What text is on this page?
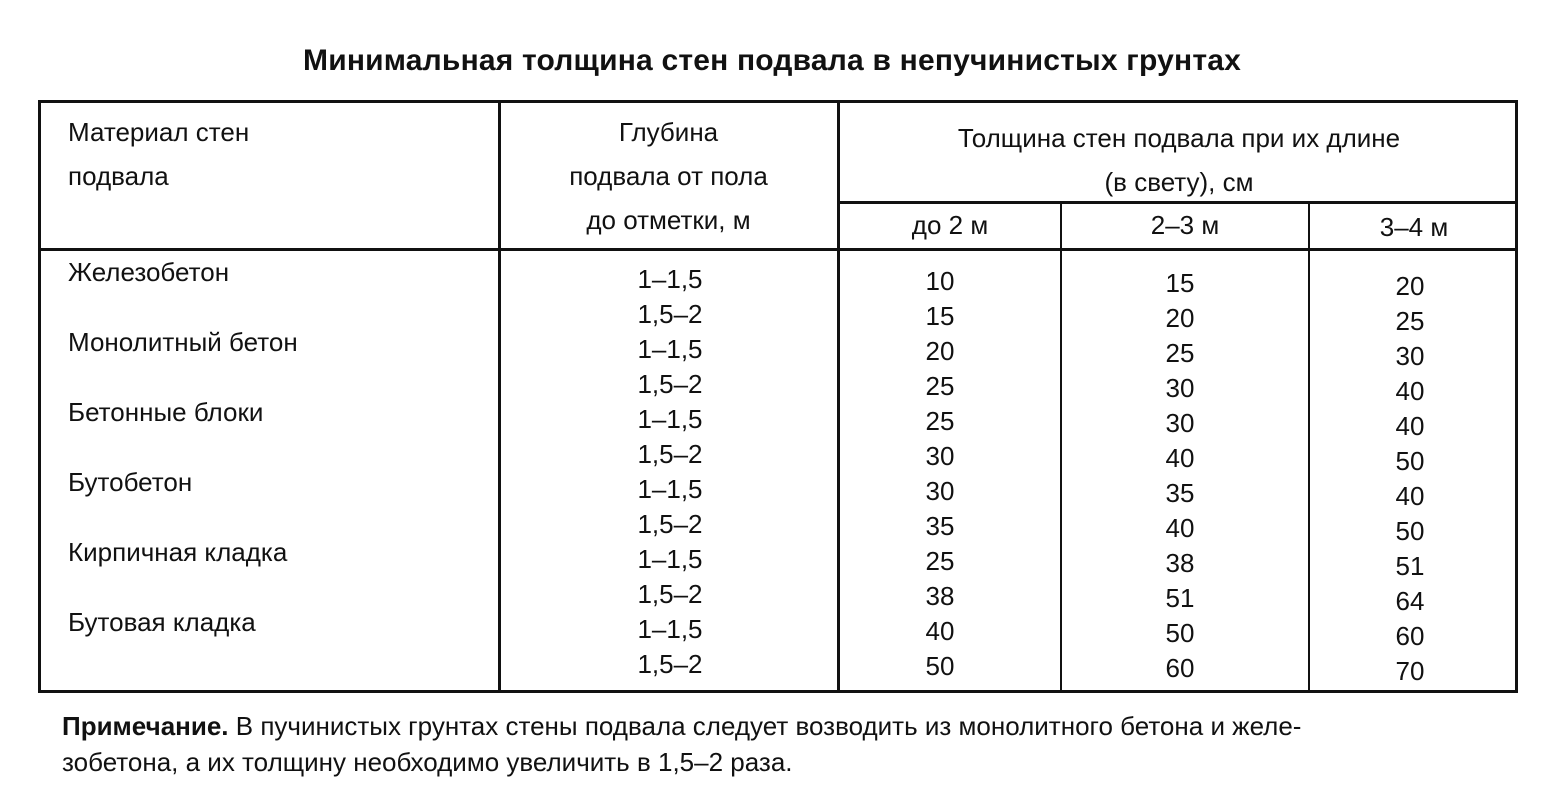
Минимальная толщина стен подвала в непучинистых грунтах
Материал стен
подвала
Глубина
подвала от пола
до отметки, м
Толщина стен подвала при их длине
(в свету), см
до 2 м	2–3 м	3–4 м
Железобетон
Монолитный бетон
Бетонные блоки
Бутобетон
Кирпичная кладка
Бутовая кладка
1–1,5
1,5–2
1–1,5
1,5–2
1–1,5
1,5–2
1–1,5
1,5–2
1–1,5
1,5–2
1–1,5
1,5–2
10
15
20
25
25
30
30
35
25
38
40
50
15
20
25
30
30
40
35
40
38
51
50
60
20
25
30
40
40
50
40
50
51
64
60
70
Примечание. В пучинистых грунтах стены подвала следует возводить из монолитного бетона и желе-
зобетона, а их толщину необходимо увеличить в 1,5–2 раза.
